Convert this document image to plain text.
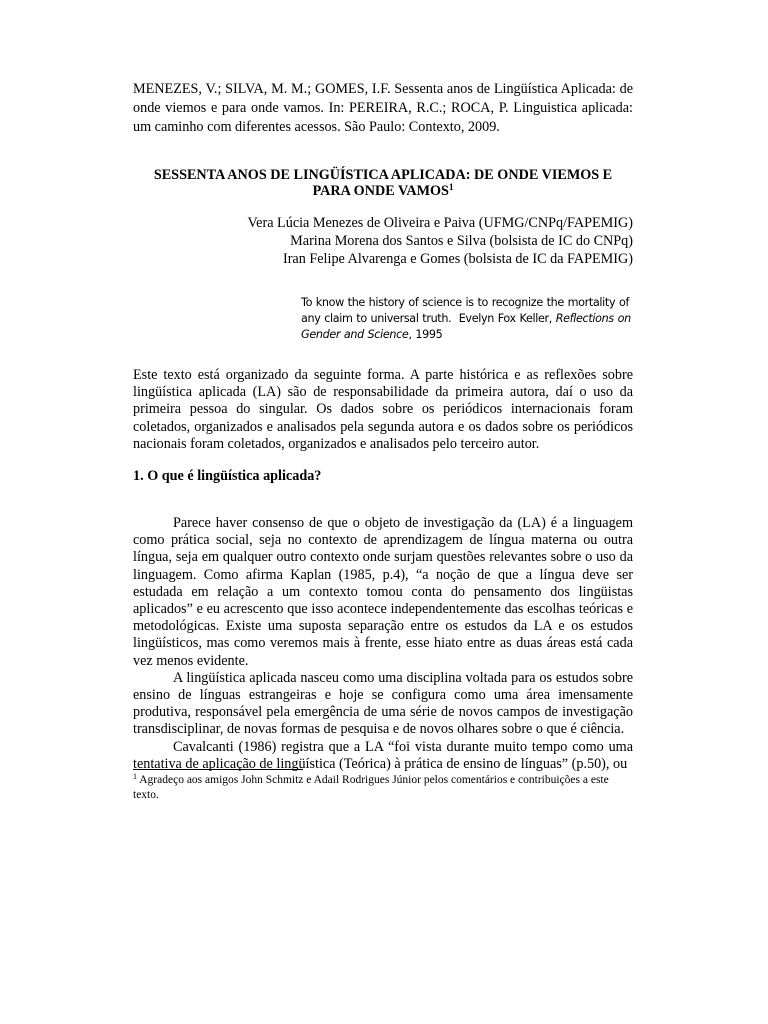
MENEZES, V.; SILVA, M. M.; GOMES, I.F. Sessenta anos de Lingüística Aplicada: de onde viemos e para onde vamos. In: PEREIRA, R.C.; ROCA, P. Linguistica aplicada: um caminho com diferentes acessos. São Paulo: Contexto, 2009.
SESSENTA ANOS DE LINGÜÍSTICA APLICADA: DE ONDE VIEMOS E
PARA ONDE VAMOS$^1$
Vera Lúcia Menezes de Oliveira e Paiva (UFMG/CNPq/FAPEMIG)
Marina Morena dos Santos e Silva (bolsista de IC do CNPq)
Iran Felipe Alvarenga e Gomes (bolsista de IC da FAPEMIG)
To know the history of science is to recognize the mortality of any claim to universal truth. Evelyn Fox Keller, Reflections on Gender and Science, 1995
Este texto está organizado da seguinte forma. A parte histórica e as reflexões sobre lingüística aplicada (LA) são de responsabilidade da primeira autora, daí o uso da primeira pessoa do singular. Os dados sobre os periódicos internacionais foram coletados, organizados e analisados pela segunda autora e os dados sobre os periódicos nacionais foram coletados, organizados e analisados pelo terceiro autor.
1. O que é lingüística aplicada?

Parece haver consenso de que o objeto de investigação da (LA) é a linguagem como prática social, seja no contexto de aprendizagem de língua materna ou outra língua, seja em qualquer outro contexto onde surjam questões relevantes sobre o uso da linguagem. Como afirma Kaplan (1985, p.4), “a noção de que a língua deve ser estudada em relação a um contexto tomou conta do pensamento dos lingüistas aplicados” e eu acrescento que isso acontece independentemente das escolhas teóricas e metodológicas. Existe uma suposta separação entre os estudos da LA e os estudos lingüísticos, mas como veremos mais à frente, esse hiato entre as duas áreas está cada vez menos evidente.

A lingüística aplicada nasceu como uma disciplina voltada para os estudos sobre ensino de línguas estrangeiras e hoje se configura como uma área imensamente produtiva, responsável pela emergência de uma série de novos campos de investigação transdisciplinar, de novas formas de pesquisa e de novos olhares sobre o que é ciência.

Cavalcanti (1986) registra que a LA “foi vista durante muito tempo como uma tentativa de aplicação de lingüística (Teórica) à prática de ensino de línguas” (p.50), ou

$^1$ Agradeço aos amigos John Schmitz e Adail Rodrigues Júnior pelos comentários e contribuições a este texto.
